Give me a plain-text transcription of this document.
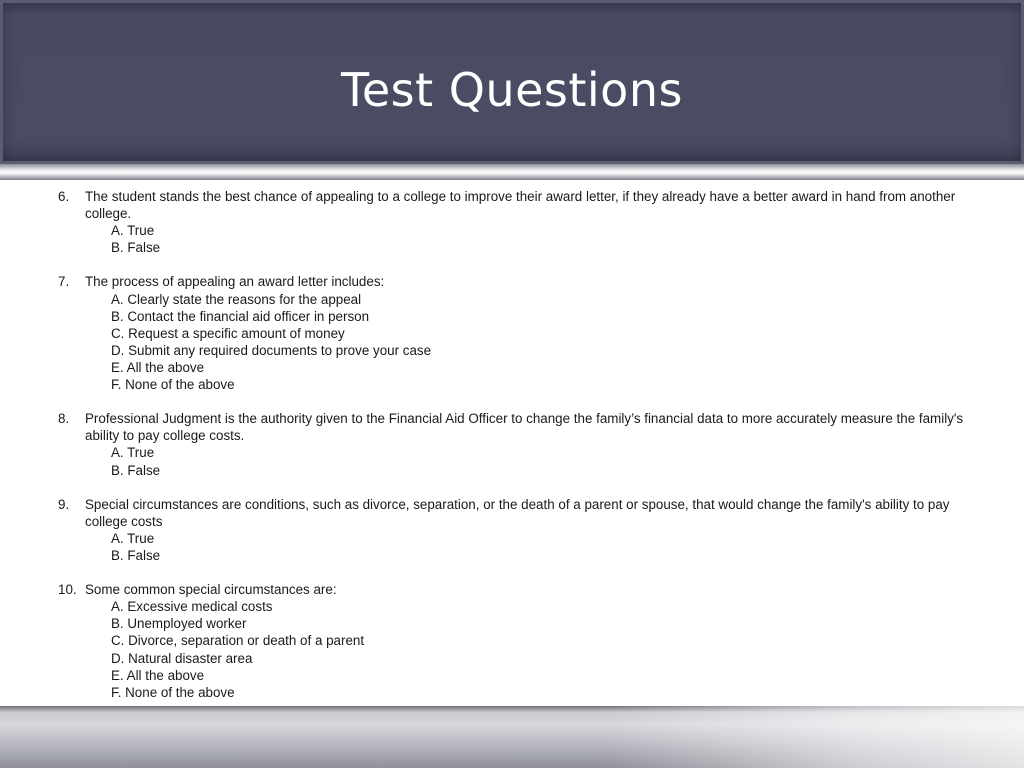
Test Questions
6.	The student stands the best chance of appealing to a college to improve their award letter, if they already have a better award in hand from another college.
A. True
B. False
7.	The process of appealing an award letter includes:
A. Clearly state the reasons for the appeal
B. Contact the financial aid officer in person
C. Request a specific amount of money
D. Submit any required documents to prove your case
E. All the above
F. None of the above
8.	Professional Judgment is the authority given to the Financial Aid Officer to change the family’s financial data to more accurately measure the family's ability to pay college costs.
A. True
B. False
9.	Special circumstances are conditions, such as divorce, separation, or the death of a parent or spouse, that would change the family's ability to pay college costs
A. True
B. False
10. Some common special circumstances are:
A. Excessive medical costs
B. Unemployed worker
C. Divorce, separation or death of a parent
D. Natural disaster area
E. All the above
F. None of the above
